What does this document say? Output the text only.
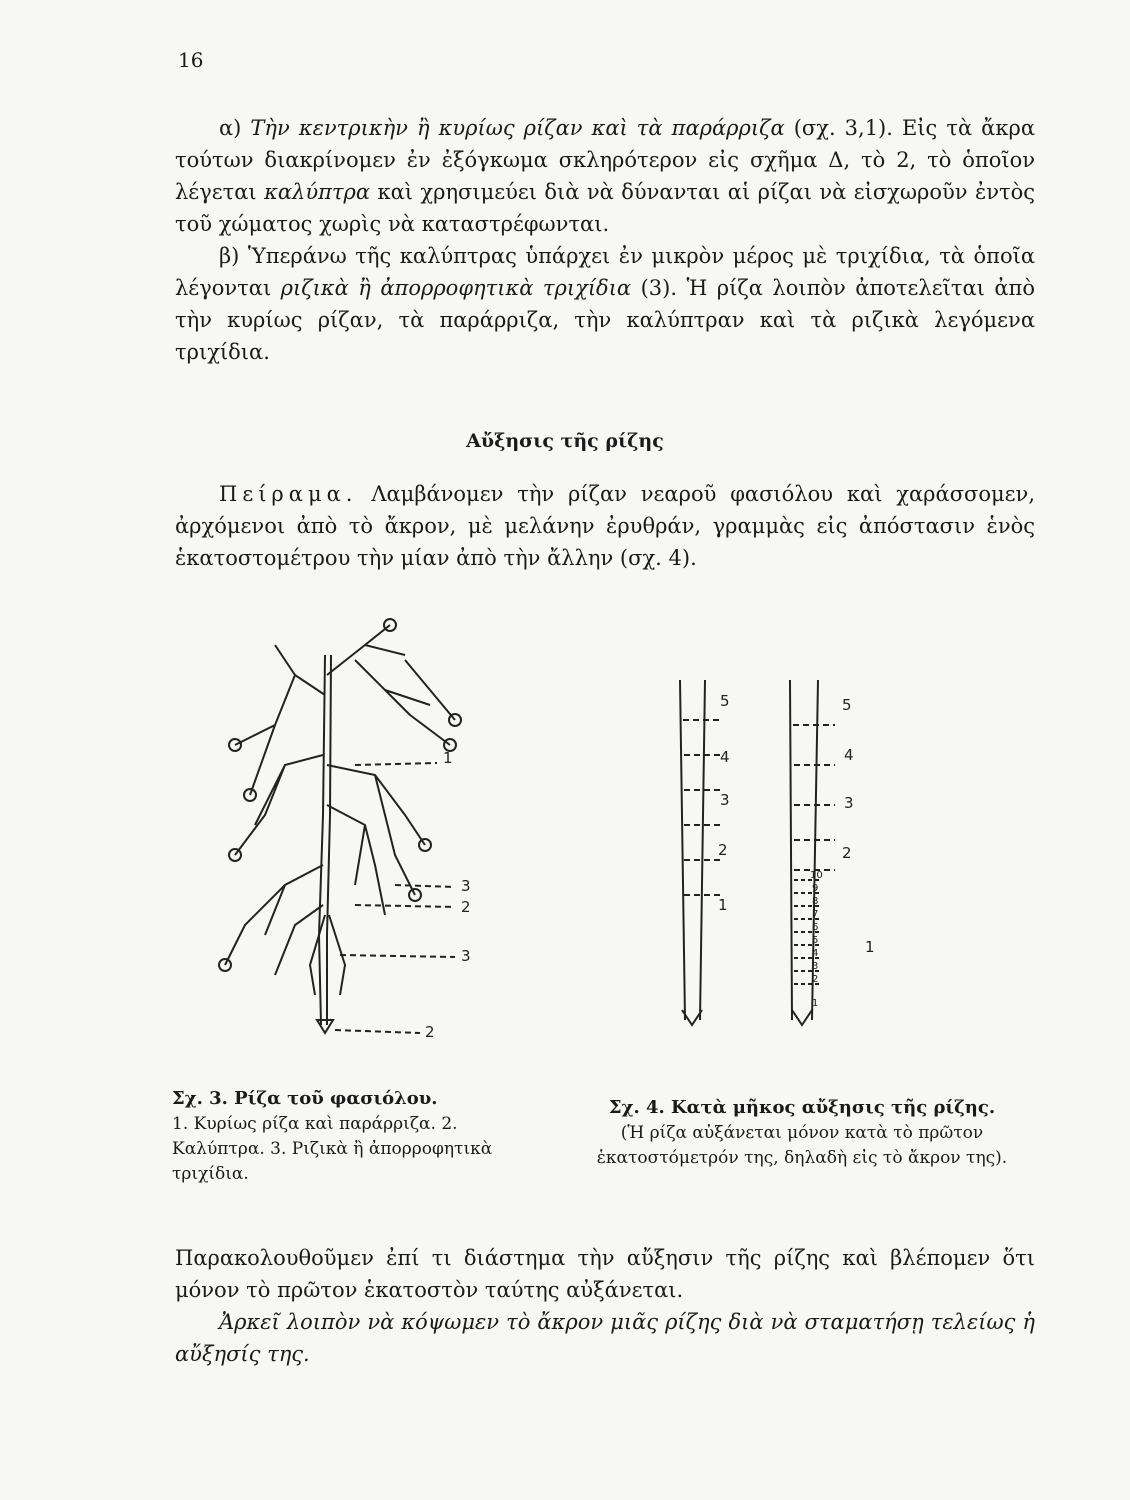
16

α) Τὴν κεντρικὴν ἢ κυρίως ρίζαν καὶ τὰ παράρριζα (σχ. 3,1). Εἰς τὰ ἄκρα τούτων διακρίνομεν ἐν ἐξόγκωμα σκληρότερον εἰς σχῆμα Δ, τὸ 2, τὸ ὁποῖον λέγεται καλύπτρα καὶ χρησιμεύει διὰ νὰ δύνανται αἱ ρίζαι νὰ εἰσχωροῦν ἐντὸς τοῦ χώματος χωρὶς νὰ καταστρέφωνται.

β) Ὑπεράνω τῆς καλύπτρας ὑπάρχει ἐν μικρὸν μέρος μὲ τριχίδια, τὰ ὁποῖα λέγονται ριζικὰ ἢ ἀπορροφητικὰ τριχίδια (3). Ἡ ρίζα λοιπὸν ἀποτελεῖται ἀπὸ τὴν κυρίως ρίζαν, τὰ παράρριζα, τὴν καλύπτραν καὶ τὰ ριζικὰ λεγόμενα τριχίδια.

Αὔξησις τῆς ρίζης

Πείραμα. Λαμβάνομεν τὴν ρίζαν νεαροῦ φασιόλου καὶ χαράσσομεν, ἀρχόμενοι ἀπὸ τὸ ἄκρον, μὲ μελάνην ἐρυθράν, γραμμὰς εἰς ἀπόστασιν ἑνὸς ἑκατοστομέτρου τὴν μίαν ἀπὸ τὴν ἄλλην (σχ. 4).

1
3
2
3
2
5
4
3
2
1
5
4
3
2
10
9
8
7
6
5
4
3
2
1
1
Σχ. 3. Ρίζα τοῦ φασιόλου.
1. Κυρίως ρίζα καὶ παράρριζα. 2. Καλύπτρα. 3. Ριζικὰ ἢ ἀπορροφητικὰ τριχίδια.
Σχ. 4. Κατὰ μῆκος αὔξησις τῆς ρίζης.
(Ἡ ρίζα αὐξάνεται μόνον κατὰ τὸ πρῶτον ἑκατοστόμετρόν της, δηλαδὴ εἰς τὸ ἄκρον της).

Παρακολουθοῦμεν ἐπί τι διάστημα τὴν αὔξησιν τῆς ρίζης καὶ βλέπομεν ὅτι μόνον τὸ πρῶτον ἑκατοστὸν ταύτης αὐξάνεται.

Ἀρκεῖ λοιπὸν νὰ κόψωμεν τὸ ἄκρον μιᾶς ρίζης διὰ νὰ σταματήσῃ τελείως ἡ αὔξησίς της.
